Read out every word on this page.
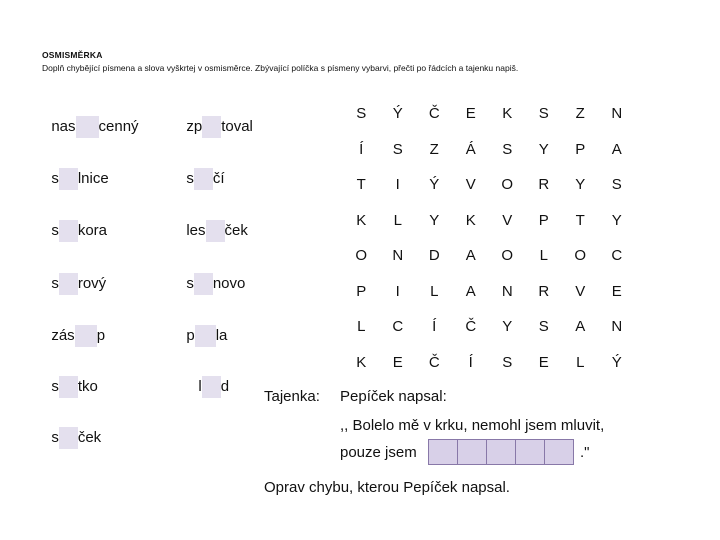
OSMISMĚRKA
Doplň chybějící písmena a slova vyškrtej v osmisměrce. Zbývající políčka s písmeny vybarvi, přečti po řádcích a tajenku napiš.

nas cenný

s lnice

s kora

s rový

zás p

s tko

s ček

zp toval

s čí

les ček

s novo

p la

l d

S	Ý	Č	E	K	S	Z	N
Í	S	Z	Á	S	Y	P	A
T	I	Ý	V	O	R	Y	S
K	L	Y	K	V	P	T	Y
O	N	D	A	O	L	O	C
P	I	L	A	N	R	V	E
L	C	Í	Č	Y	S	A	N
K	E	Č	Í	S	E	L	Ý
Tajenka: Pepíček napsal:
,, Bolelo mě v krku, nemohl jsem mluvit,
pouze jsem	."
Oprav chybu, kterou Pepíček napsal.
